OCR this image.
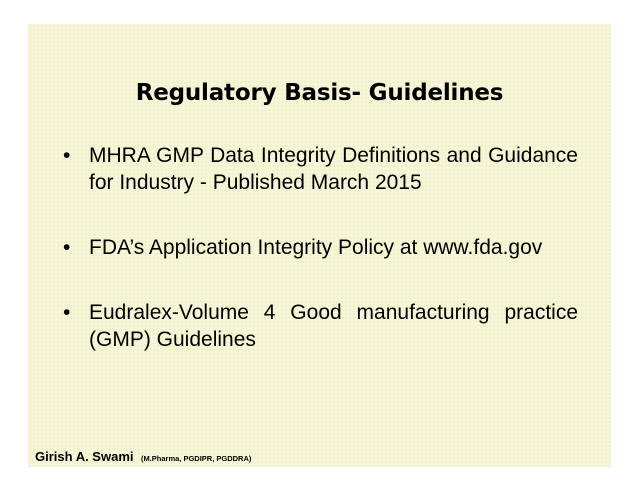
Regulatory Basis- Guidelines
• MHRA GMP Data Integrity Definitions and Guidance for Industry - Published March 2015
• FDA’s Application Integrity Policy at www.fda.gov
• Eudralex-Volume 4 Good manufacturing practice (GMP) Guidelines
Girish A. Swami (M.Pharma, PGDIPR, PGDDRA)
